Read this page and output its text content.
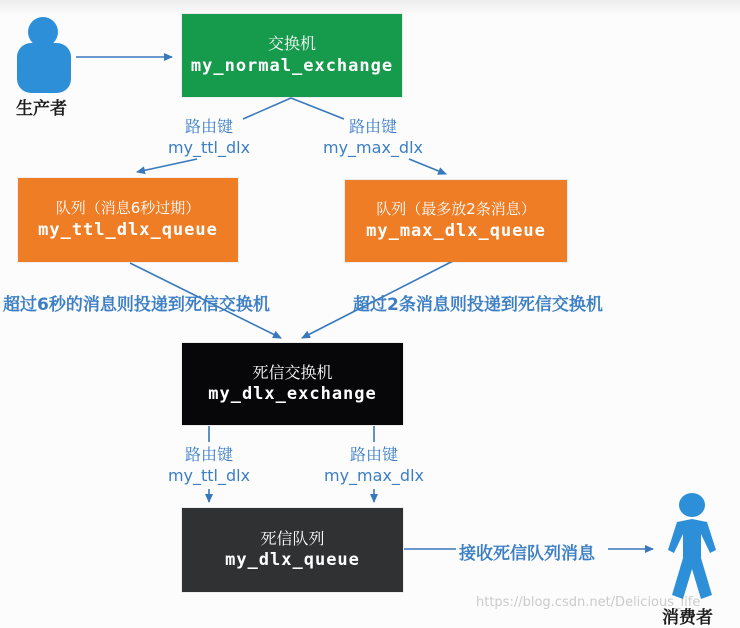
https://blog.csdn.net/Delicious_life
生产者
交换机
my_normal_exchange
路由键
my_ttl_dlx
路由键
my_max_dlx
队列（消息6秒过期）
my_ttl_dlx_queue
队列（最多放2条消息）
my_max_dlx_queue
超过6秒的消息则投递到死信交换机	超过2条消息则投递到死信交换机
死信交换机
my_dlx_exchange
路由键
my_ttl_dlx
路由键
my_max_dlx
死信队列
my_dlx_queue	接收死信队列消息
消费者
